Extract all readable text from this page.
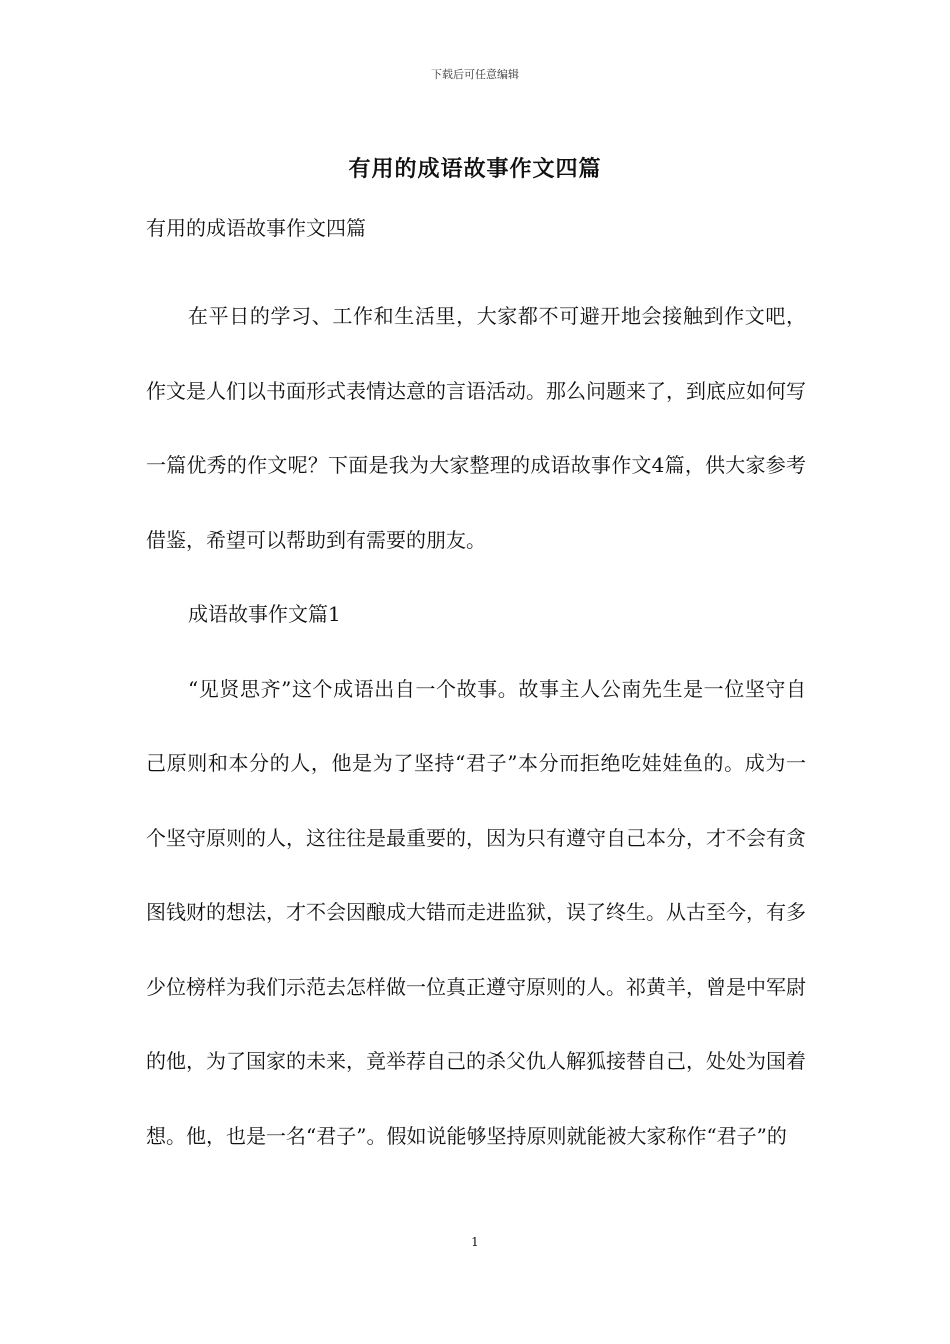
下载后可任意编辑
有用的成语故事作文四篇
有用的成语故事作文四篇

在平日的学习、工作和生活里，大家都不可避开地会接触到作文吧，作文是人们以书面形式表情达意的言语活动。那么问题来了，到底应如何写一篇优秀的作文呢？下面是我为大家整理的成语故事作文4篇，供大家参考借鉴，希望可以帮助到有需要的朋友。

成语故事作文篇1

“见贤思齐”这个成语出自一个故事。故事主人公南先生是一位坚守自己原则和本分的人，他是为了坚持“君子”本分而拒绝吃娃娃鱼的。成为一个坚守原则的人，这往往是最重要的，因为只有遵守自己本分，才不会有贪图钱财的想法，才不会因酿成大错而走进监狱，误了终生。从古至今，有多少位榜样为我们示范去怎样做一位真正遵守原则的人。祁黄羊，曾是中军尉的他，为了国家的未来，竟举荐自己的杀父仇人解狐接替自己，处处为国着想。他，也是一名“君子”。假如说能够坚持原则就能被大家称作“君子”的

1
